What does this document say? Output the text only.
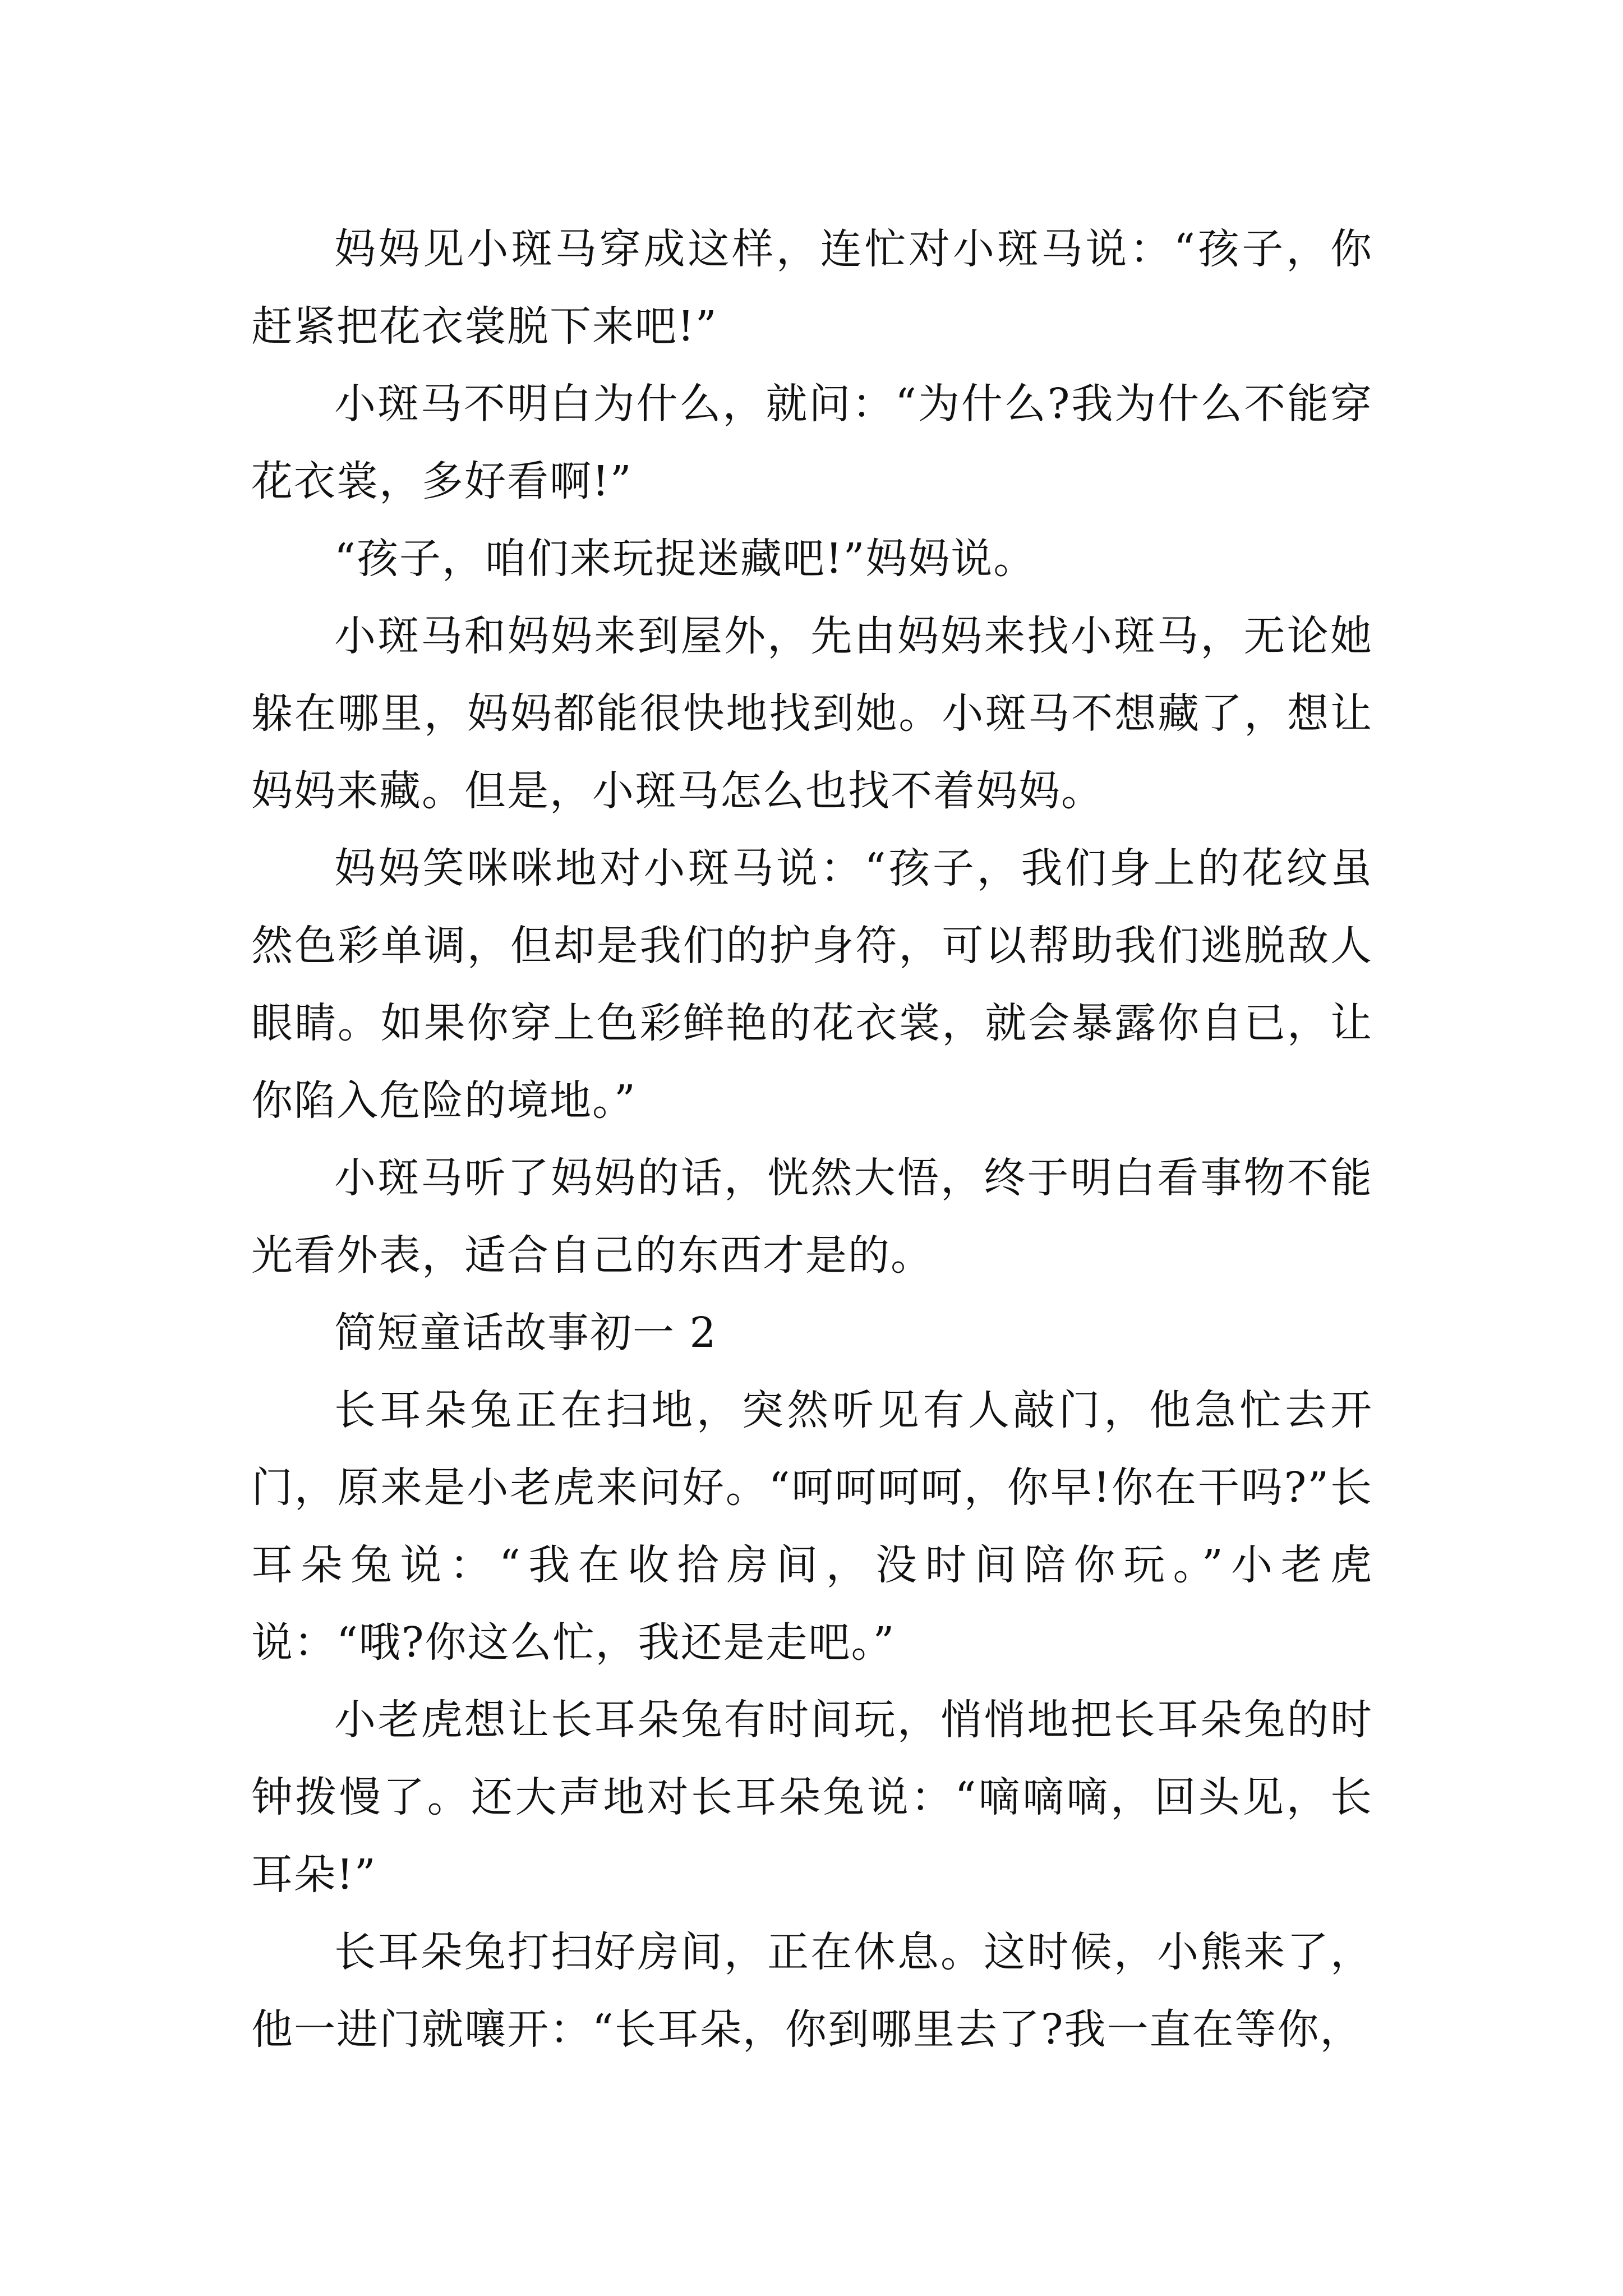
妈妈见小斑马穿成这样，连忙对小斑马说：“孩子，你赶紧把花衣裳脱下来吧!”

小斑马不明白为什么，就问：“为什么?我为什么不能穿花衣裳，多好看啊!”

“孩子，咱们来玩捉迷藏吧!”妈妈说。

小斑马和妈妈来到屋外，先由妈妈来找小斑马，无论她躲在哪里，妈妈都能很快地找到她。小斑马不想藏了，想让妈妈来藏。但是，小斑马怎么也找不着妈妈。

妈妈笑咪咪地对小斑马说：“孩子，我们身上的花纹虽然色彩单调，但却是我们的护身符，可以帮助我们逃脱敌人眼睛。如果你穿上色彩鲜艳的花衣裳，就会暴露你自已，让你陷入危险的境地。”

小斑马听了妈妈的话，恍然大悟，终于明白看事物不能光看外表，适合自己的东西才是的。

简短童话故事初一 2

长耳朵兔正在扫地，突然听见有人敲门，他急忙去开门，原来是小老虎来问好。“呵呵呵呵，你早!你在干吗?”长耳朵兔说：“我在收拾房间，没时间陪你玩。”小老虎说：“哦?你这么忙，我还是走吧。”

小老虎想让长耳朵兔有时间玩，悄悄地把长耳朵兔的时钟拨慢了。还大声地对长耳朵兔说：“嘀嘀嘀，回头见，长耳朵!”

长耳朵兔打扫好房间，正在休息。这时候，小熊来了，他一进门就嚷开：“长耳朵，你到哪里去了?我一直在等你，
